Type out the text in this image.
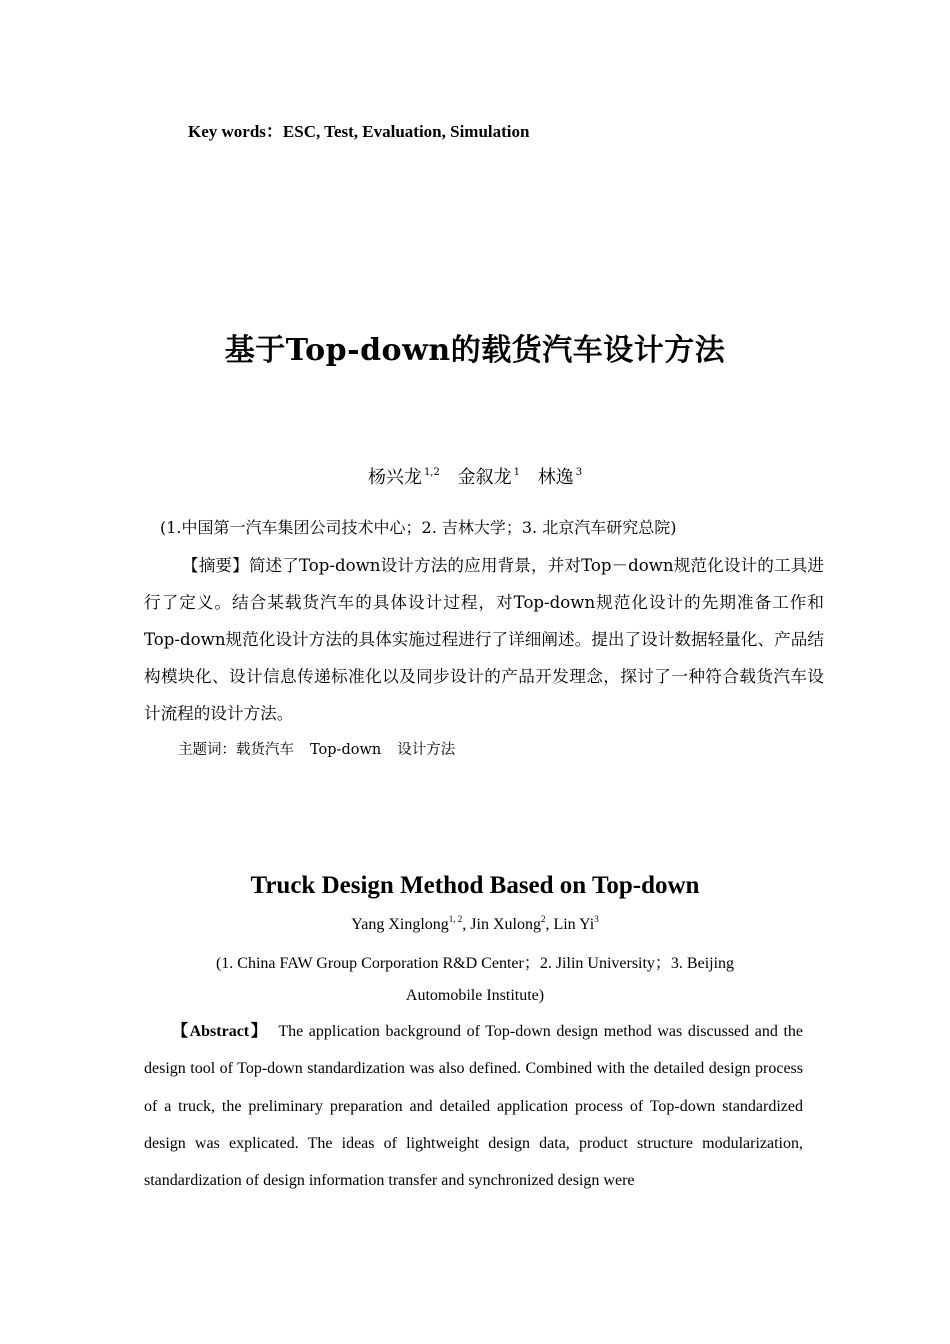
Key words：ESC, Test, Evaluation, Simulation
基于Top-down的载货汽车设计方法
杨兴龙 $^{1,2}$ 金叙龙 $^1$ 林逸 $^3$
(1.中国第一汽车集团公司技术中心；2. 吉林大学；3. 北京汽车研究总院)

【摘要】简述了Top-down设计方法的应用背景，并对Top－down规范化设计的工具进行了定义。结合某载货汽车的具体设计过程，对Top-down规范化设计的先期准备工作和Top-down规范化设计方法的具体实施过程进行了详细阐述。提出了设计数据轻量化、产品结构模块化、设计信息传递标准化以及同步设计的产品开发理念，探讨了一种符合载货汽车设计流程的设计方法。

主题词：载货汽车 Top-down 设计方法
Truck Design Method Based on Top-down
Yang Xinglong$^{1, 2}$, Jin Xulong$^2$, Lin Yi$^3$
(1. China FAW Group Corporation R&D Center；2. Jilin University；3. Beijing
Automobile Institute)

【Abstract】 The application background of Top-down design method was discussed and the design tool of Top-down standardization was also defined. Combined with the detailed design process of a truck, the preliminary preparation and detailed application process of Top-down standardized design was explicated. The ideas of lightweight design data, product structure modularization, standardization of design information transfer and synchronized design were
